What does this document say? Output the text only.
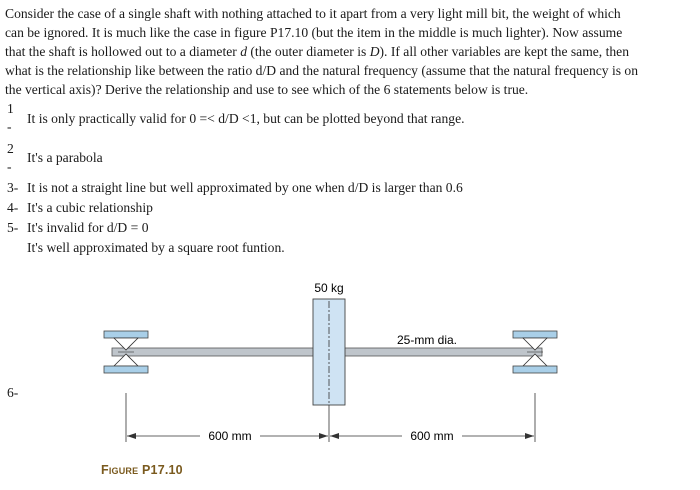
Consider the case of a single shaft with nothing attached to it apart from a very light mill bit, the weight of which
can be ignored. It is much like the case in figure P17.10 (but the item in the middle is much lighter). Now assume
that the shaft is hollowed out to a diameter d (the outer diameter is D). If all other variables are kept the same, then
what is the relationship like between the ratio d/D and the natural frequency (assume that the natural frequency is on
the vertical axis)? Derive the relationship and use to see which of the 6 statements below is true.
1
-
It is only practically valid for 0 =< d/D <1, but can be plotted beyond that range.
2
-
It's a parabola
3- It is not a straight line but well approximated by one when d/D is larger than 0.6
4- It's a cubic relationship
5- It's invalid for d/D = 0
It's well approximated by a square root funtion.
6-
50 kg
25-mm dia.
600 mm	600 mm
Figure P17.10
